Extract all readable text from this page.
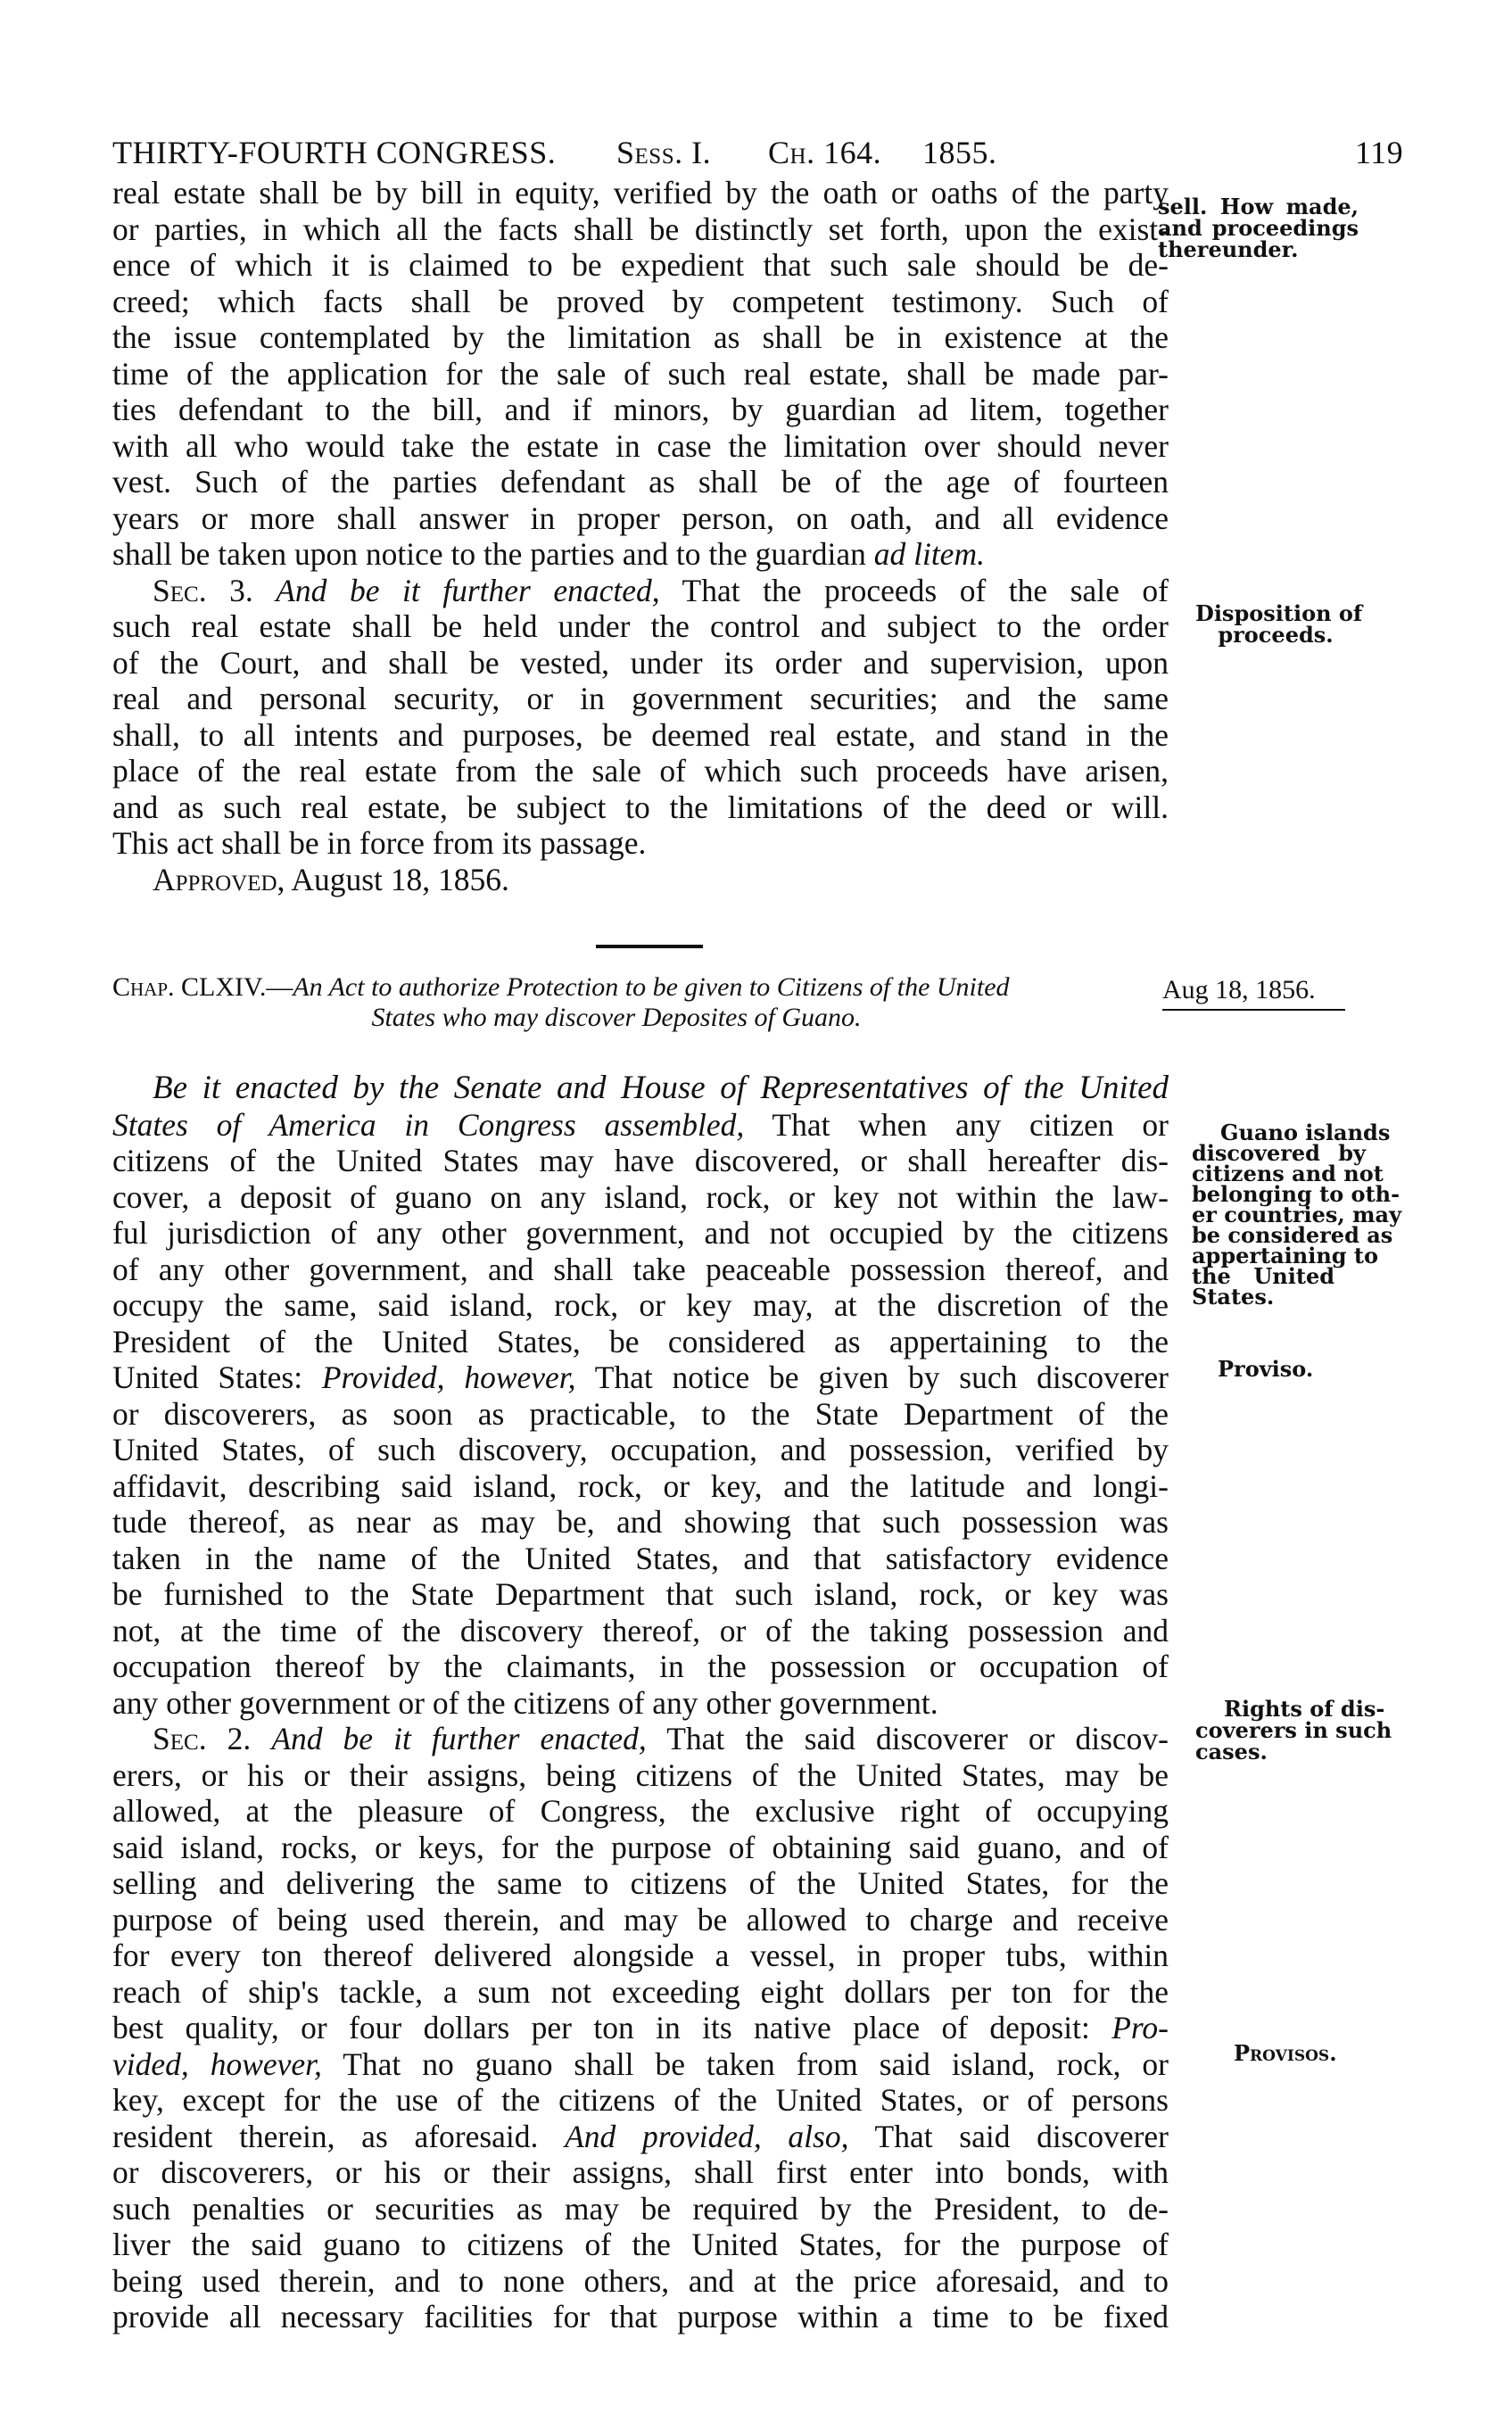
THIRTY-FOURTH CONGRESS. Sess. I. Ch. 164. 1855.	119
real estate shall be by bill in equity, verified by the oath or oaths of the party
or parties, in which all the facts shall be distinctly set forth, upon the exist-
ence of which it is claimed to be expedient that such sale should be de-
creed; which facts shall be proved by competent testimony. Such of
the issue contemplated by the limitation as shall be in existence at the
time of the application for the sale of such real estate, shall be made par-
ties defendant to the bill, and if minors, by guardian ad litem, together
with all who would take the estate in case the limitation over should never
vest. Such of the parties defendant as shall be of the age of fourteen
years or more shall answer in proper person, on oath, and all evidence
shall be taken upon notice to the parties and to the guardian ad litem.
Sec. 3. And be it further enacted, That the proceeds of the sale of
such real estate shall be held under the control and subject to the order
of the Court, and shall be vested, under its order and supervision, upon
real and personal security, or in government securities; and the same
shall, to all intents and purposes, be deemed real estate, and stand in the
place of the real estate from the sale of which such proceeds have arisen,
and as such real estate, be subject to the limitations of the deed or will.
This act shall be in force from its passage.
Approved, August 18, 1856.
sell. How made,
and proceedings
thereunder.
Disposition of
proceeds.
Chap. CLXIV.—An Act to authorize Protection to be given to Citizens of the United
States who may discover Deposites of Guano.
Aug 18, 1856.
Be it enacted by the Senate and House of Representatives of the United
States of America in Congress assembled, That when any citizen or
citizens of the United States may have discovered, or shall hereafter dis-
cover, a deposit of guano on any island, rock, or key not within the law-
ful jurisdiction of any other government, and not occupied by the citizens
of any other government, and shall take peaceable possession thereof, and
occupy the same, said island, rock, or key may, at the discretion of the
President of the United States, be considered as appertaining to the
United States: Provided, however, That notice be given by such discoverer
or discoverers, as soon as practicable, to the State Department of the
United States, of such discovery, occupation, and possession, verified by
affidavit, describing said island, rock, or key, and the latitude and longi-
tude thereof, as near as may be, and showing that such possession was
taken in the name of the United States, and that satisfactory evidence
be furnished to the State Department that such island, rock, or key was
not, at the time of the discovery thereof, or of the taking possession and
occupation thereof by the claimants, in the possession or occupation of
any other government or of the citizens of any other government.
Sec. 2. And be it further enacted, That the said discoverer or discov-
erers, or his or their assigns, being citizens of the United States, may be
allowed, at the pleasure of Congress, the exclusive right of occupying
said island, rocks, or keys, for the purpose of obtaining said guano, and of
selling and delivering the same to citizens of the United States, for the
purpose of being used therein, and may be allowed to charge and receive
for every ton thereof delivered alongside a vessel, in proper tubs, within
reach of ship's tackle, a sum not exceeding eight dollars per ton for the
best quality, or four dollars per ton in its native place of deposit: Pro-
vided, however, That no guano shall be taken from said island, rock, or
key, except for the use of the citizens of the United States, or of persons
resident therein, as aforesaid. And provided, also, That said discoverer
or discoverers, or his or their assigns, shall first enter into bonds, with
such penalties or securities as may be required by the President, to de-
liver the said guano to citizens of the United States, for the purpose of
being used therein, and to none others, and at the price aforesaid, and to
provide all necessary facilities for that purpose within a time to be fixed
Guano islands
discovered by
citizens and not
belonging to oth-
er countries, may
be considered as
appertaining to
the United
States.
Proviso.
Rights of dis-
coverers in such
cases.
Provisos.
